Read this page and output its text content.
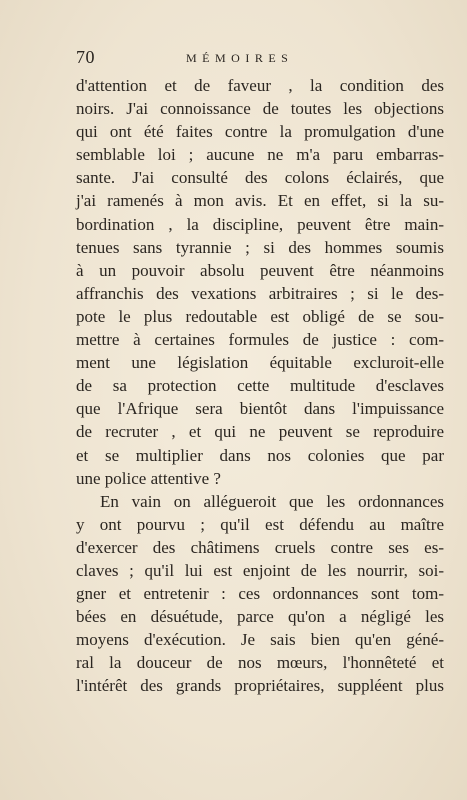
70	MÉMOIRES
d'attention et de faveur , la condition des
noirs. J'ai connoissance de toutes les objections
qui ont été faites contre la promulgation d'une
semblable loi ; aucune ne m'a paru embarras-
sante. J'ai consulté des colons éclairés, que
j'ai ramenés à mon avis. Et en effet, si la su-
bordination , la discipline, peuvent être main-
tenues sans tyrannie ; si des hommes soumis
à un pouvoir absolu peuvent être néanmoins
affranchis des vexations arbitraires ; si le des-
pote le plus redoutable est obligé de se sou-
mettre à certaines formules de justice : com-
ment une législation équitable excluroit-elle
de sa protection cette multitude d'esclaves
que l'Afrique sera bientôt dans l'impuissance
de recruter , et qui ne peuvent se reproduire
et se multiplier dans nos colonies que par
une police attentive ?
En vain on allégueroit que les ordonnances
y ont pourvu ; qu'il est défendu au maître
d'exercer des châtimens cruels contre ses es-
claves ; qu'il lui est enjoint de les nourrir, soi-
gner et entretenir : ces ordonnances sont tom-
bées en désuétude, parce qu'on a négligé les
moyens d'exécution. Je sais bien qu'en géné-
ral la douceur de nos mœurs, l'honnêteté et
l'intérêt des grands propriétaires, suppléent plus
